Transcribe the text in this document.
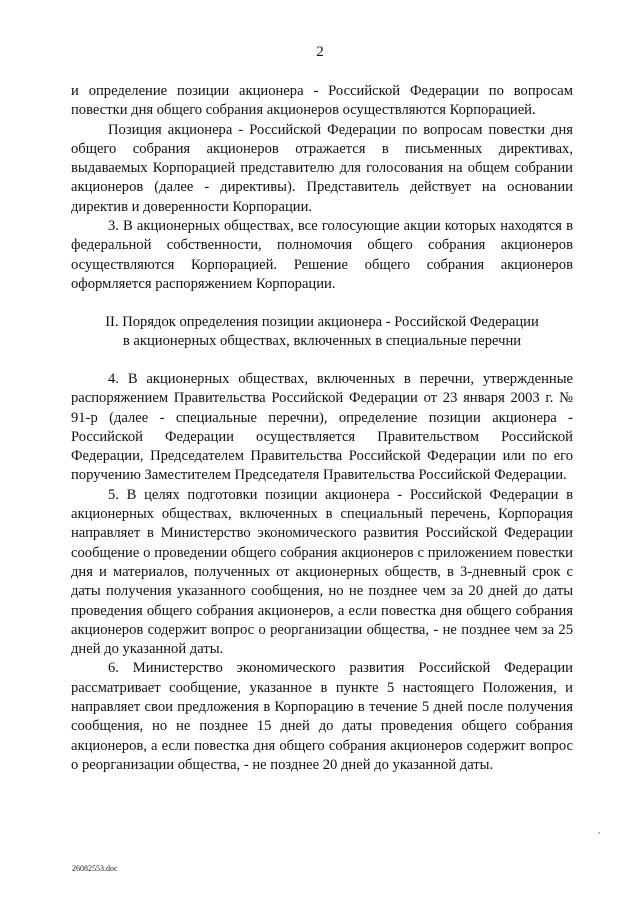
2

и определение позиции акционера - Российской Федерации по вопросам повестки дня общего собрания акционеров осуществляются Корпорацией.

Позиция акционера - Российской Федерации по вопросам повестки дня общего собрания акционеров отражается в письменных директивах, выдаваемых Корпорацией представителю для голосования на общем собрании акционеров (далее - директивы). Представитель действует на основании директив и доверенности Корпорации.

3. В акционерных обществах, все голосующие акции которых находятся в федеральной собственности, полномочия общего собрания акционеров осуществляются Корпорацией. Решение общего собрания акционеров оформляется распоряжением Корпорации.

II. Порядок определения позиции акционера - Российской Федерации
в акционерных обществах, включенных в специальные перечни

4. В акционерных обществах, включенных в перечни, утвержденные распоряжением Правительства Российской Федерации от 23 января 2003 г. № 91-р (далее - специальные перечни), определение позиции акционера - Российской Федерации осуществляется Правительством Российской Федерации, Председателем Правительства Российской Федерации или по его поручению Заместителем Председателя Правительства Российской Федерации.

5. В целях подготовки позиции акционера - Российской Федерации в акционерных обществах, включенных в специальный перечень, Корпорация направляет в Министерство экономического развития Российской Федерации сообщение о проведении общего собрания акционеров с приложением повестки дня и материалов, полученных от акционерных обществ, в 3-дневный срок с даты получения указанного сообщения, но не позднее чем за 20 дней до даты проведения общего собрания акционеров, а если повестка дня общего собрания акционеров содержит вопрос о реорганизации общества, - не позднее чем за 25 дней до указанной даты.

6. Министерство экономического развития Российской Федерации рассматривает сообщение, указанное в пункте 5 настоящего Положения, и направляет свои предложения в Корпорацию в течение 5 дней после получения сообщения, но не позднее 15 дней до даты проведения общего собрания акционеров, а если повестка дня общего собрания акционеров содержит вопрос о реорганизации общества, - не позднее 20 дней до указанной даты.

26082553.doc
